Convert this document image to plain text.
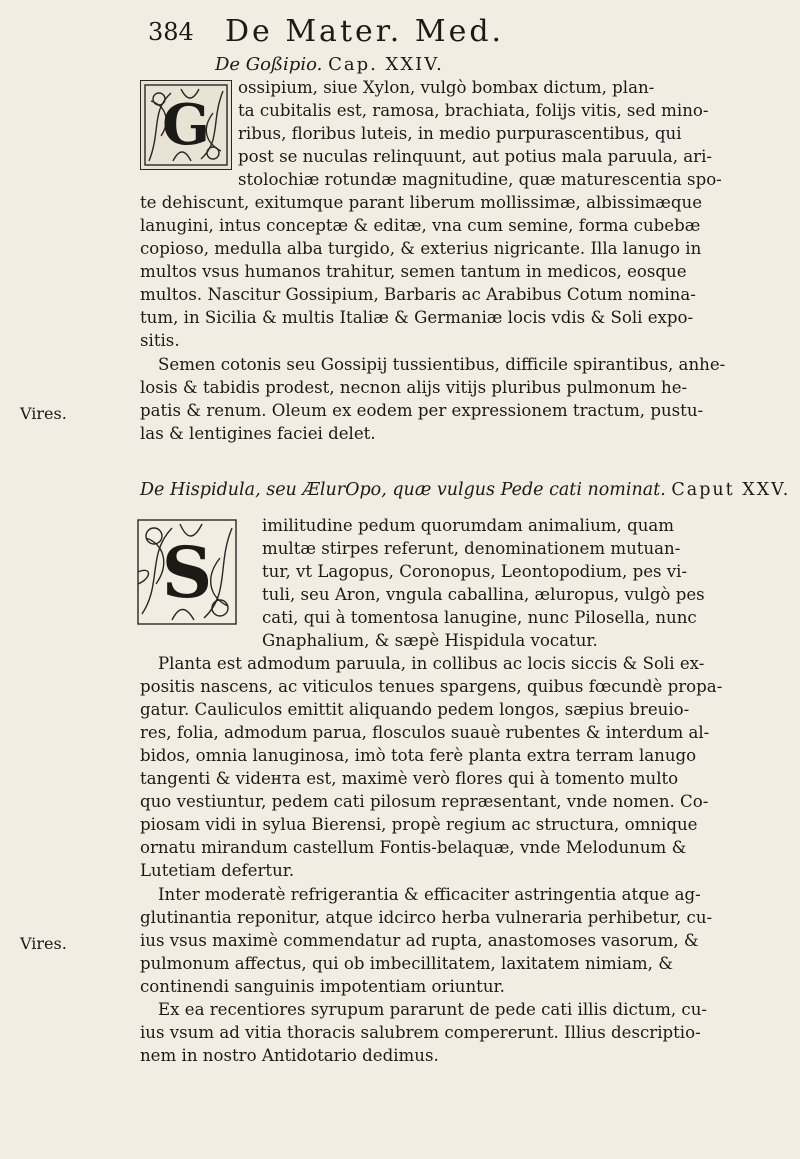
384 De Mater. Med.
De Goßipio. Cap. XXIV.
G
ossipium, siue Xylon, vulgò bombax dictum, plan-
ta cubitalis est, ramosa, brachiata, folijs vitis, sed mino-
ribus, floribus luteis, in medio purpurascentibus, qui
post se nuculas relinquunt, aut potius mala paruula, ari-
stolochiæ rotundæ magnitudine, quæ maturescentia spo-
te dehiscunt, exitumque parant liberum mollissimæ, albissimæque
lanugini, intus conceptæ & editæ, vna cum semine, forma cubebæ
copioso, medulla alba turgido, & exterius nigricante. Illa lanugo in
multos vsus humanos trahitur, semen tantum in medicos, eosque
multos. Nascitur Gossipium, Barbaris ac Arabibus Cotum nomina-
tum, in Sicilia & multis Italiæ & Germaniæ locis vdis & Soli expo-
sitis.
Semen cotonis seu Gossipij tussientibus, difficile spirantibus, anhe-
losis & tabidis prodest, necnon alijs vitijs pluribus pulmonum he-
patis & renum. Oleum ex eodem per expressionem tractum, pustu-
las & lentigines faciei delet.
Vires.
De Hispidula, seu ÆlurOpo, quæ vulgus Pede cati nominat. Caput XXV.
S
imilitudine pedum quorumdam animalium, quam
multæ stirpes referunt, denominationem mutuan-
tur, vt Lagopus, Coronopus, Leontopodium, pes vi-
tuli, seu Aron, vngula caballina, æluropus, vulgò pes
cati, qui à tomentosa lanugine, nunc Pilosella, nunc
Gnaphalium, & sæpè Hispidula vocatur.
Planta est admodum paruula, in collibus ac locis siccis & Soli ex-
positis nascens, ac viticulos tenues spargens, quibus fœcundè propa-
gatur. Cauliculos emittit aliquando pedem longos, sæpius breuio-
res, folia, admodum parua, flosculos suauè rubentes & interdum al-
bidos, omnia lanuginosa, imò tota ferè planta extra terram lanugo
tangenti & vidента est, maximè verò flores qui à tomento multo
quo vestiuntur, pedem cati pilosum repræsentant, vnde nomen. Co-
piosam vidi in sylua Bierensi, propè regium ac structura, omnique
ornatu mirandum castellum Fontis-belaquæ, vnde Melodunum &
Lutetiam defertur.
Inter moderatè refrigerantia & efficaciter astringentia atque ag-
glutinantia reponitur, atque idcirco herba vulneraria perhibetur, cu-
ius vsus maximè commendatur ad rupta, anastomoses vasorum, &
pulmonum affectus, qui ob imbecillitatem, laxitatem nimiam, &
continendi sanguinis impotentiam oriuntur.
Ex ea recentiores syrupum pararunt de pede cati illis dictum, cu-
ius vsum ad vitia thoracis salubrem compererunt. Illius descriptio-
nem in nostro Antidotario dedimus.
Vires.
